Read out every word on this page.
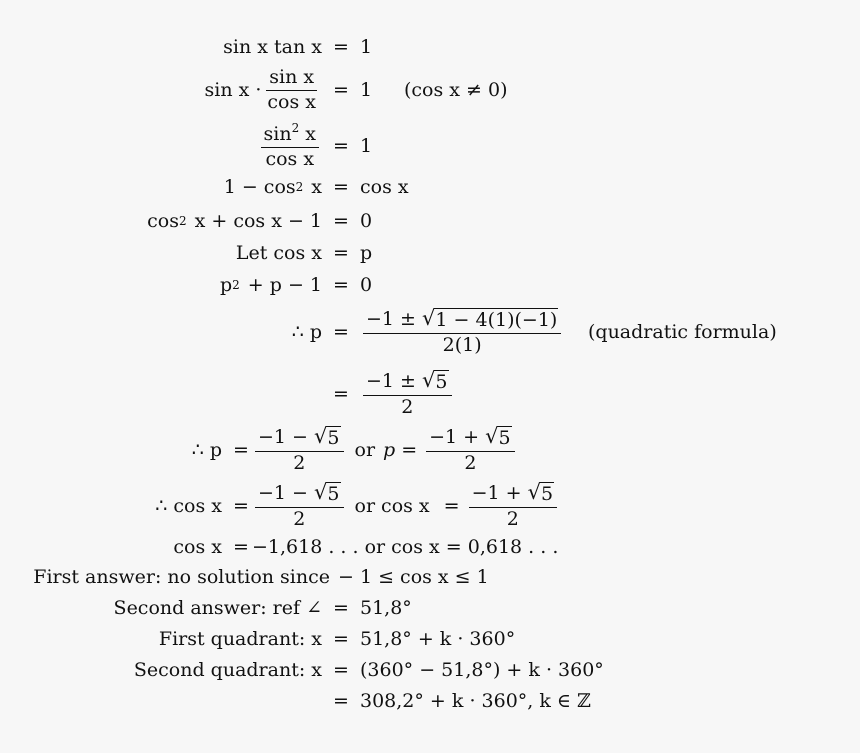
sin x tan x = 1
$\sin x \cdot \frac{\text{sin x}}{\text{cos x}} = 1$ (cos x ≠ 0)
$\frac{\sin^2 x}{\text{cos x}} = 1$
1 − cos 2 x = cos x
cos 2 x + cos x − 1 = 0
Let cos x = p
p 2 + p − 1 = 0
∴ $p = \frac{-1 \pm √ 1 - 4(1)(-1)}{2(1)}$ (quadratic formula)
= $\frac{-1 \pm √ 5}{2}$
∴ $p = \frac{-1 - √ 5}{2}$ or $p = \frac{-1 + √ 5}{2}$
∴ $\cos x = \frac{-1 - √ 5}{2}$ or $\cos x = \frac{-1 + √ 5}{2}$
cos x = −1,618 . . . or cos x = 0,618 . . .
First answer: no solution since − 1 ≤ cos x ≤ 1
Second answer: ref ∠ = 51,8°
First quadrant: x = 51,8° + k · 360°
Second quadrant: x = (360° − 51,8°) + k · 360°
= 308,2° + k · 360°, k ∈ ℤ
